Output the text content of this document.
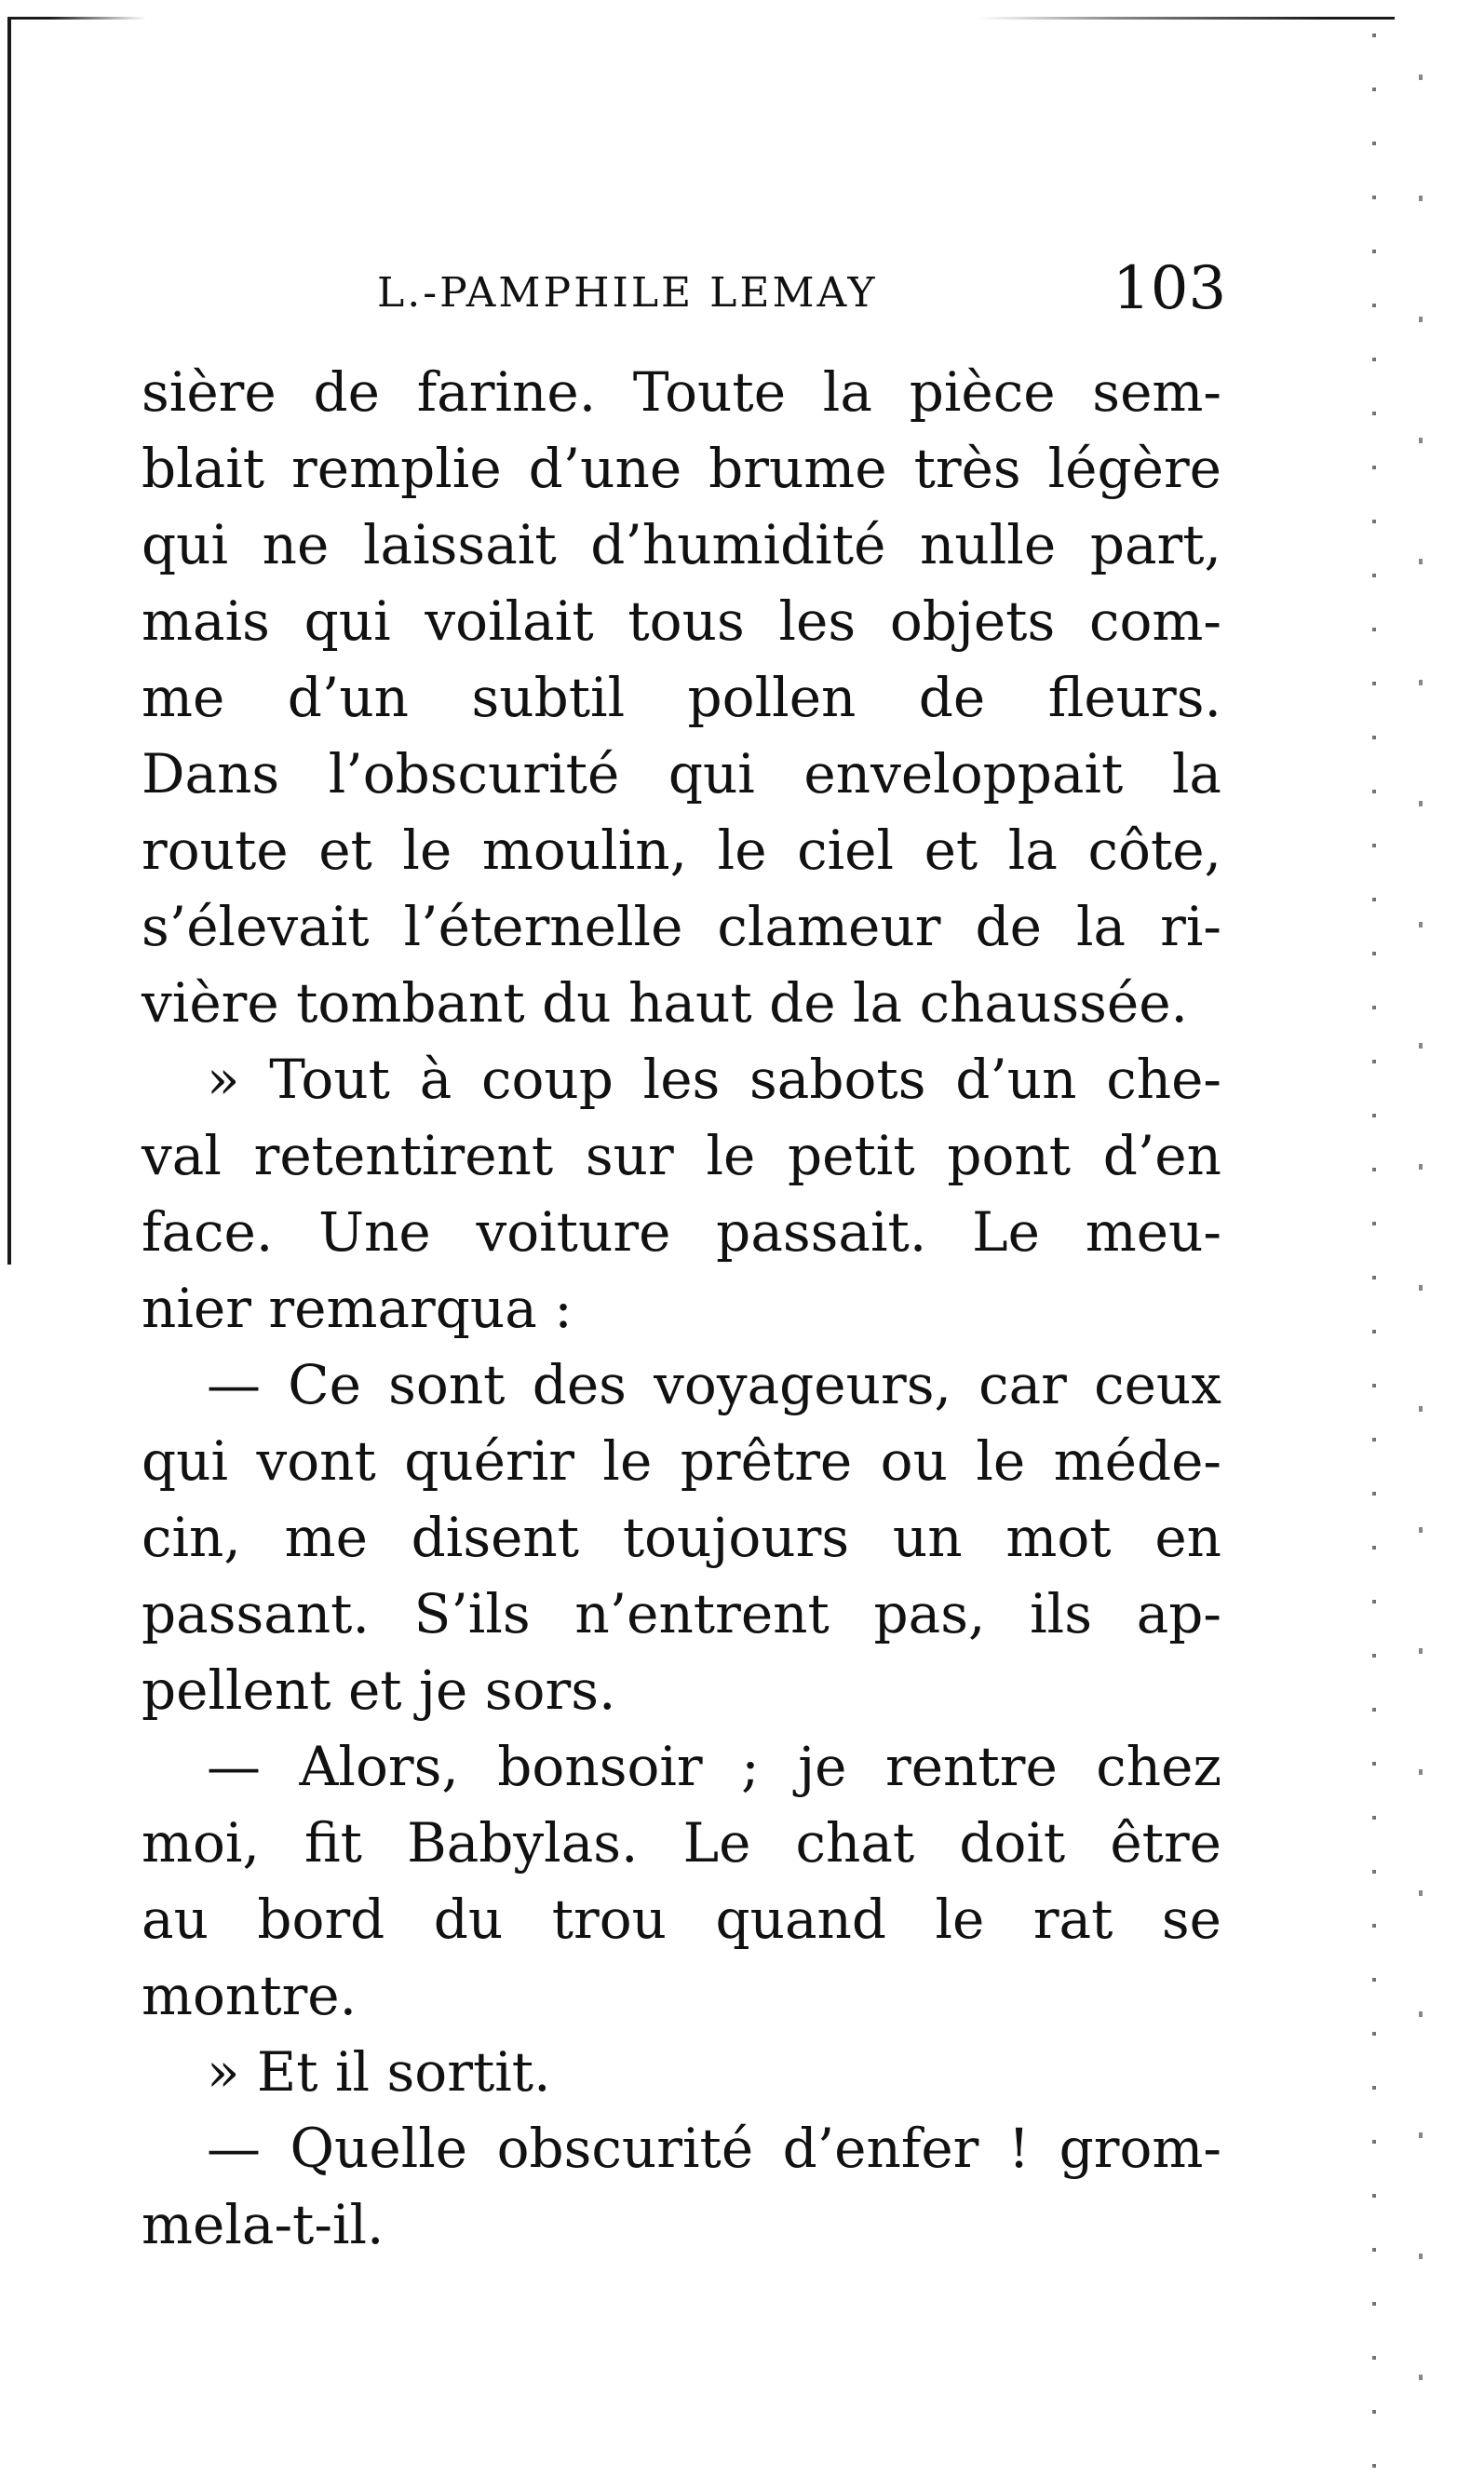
L.-PAMPHILE LEMAY	103
sière de farine. Toute la pièce sem-
blait remplie d’une brume très légère
qui ne laissait d’humidité nulle part,
mais qui voilait tous les objets com-
me d’un subtil pollen de fleurs.
Dans l’obscurité qui enveloppait la
route et le moulin, le ciel et la côte,
s’élevait l’éternelle clameur de la ri-
vière tombant du haut de la chaussée.
» Tout à coup les sabots d’un che-
val retentirent sur le petit pont d’en
face. Une voiture passait. Le meu-
nier remarqua :
— Ce sont des voyageurs, car ceux
qui vont quérir le prêtre ou le méde-
cin, me disent toujours un mot en
passant. S’ils n’entrent pas, ils ap-
pellent et je sors.
— Alors, bonsoir ; je rentre chez
moi, fit Babylas. Le chat doit être
au bord du trou quand le rat se
montre.
» Et il sortit.
— Quelle obscurité d’enfer ! grom-
mela-t-il.
